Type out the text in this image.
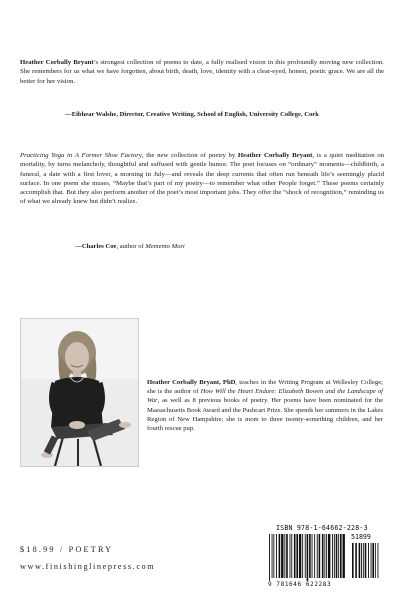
Heather Corbally Bryant’s strongest collection of poems to date, a fully realised vision in this profoundly moving new collection. She remembers for us what we have forgotten, about birth, death, love, identity with a clear-eyed, honest, poetic grace. We are all the better for her vision.
—Eibhear Walshe, Director, Creative Writing, School of English, University College, Cork
Practicing Yoga in A Former Shoe Factory, the new collection of poetry by Heather Corbally Bryant, is a quiet meditation on mortality, by turns melancholy, thoughtful and suffused with gentle humor. The poet focuses on “ordinary” moments—childbirth, a funeral, a date with a first lover, a morning in July—and reveals the deep currents that often run beneath life’s seemingly placid surface. In one poem she muses, “Maybe that’s part of my poetry—to remember what other People forget.” These poems certainly accomplish that. But they also perform another of the poet’s most important jobs. They offer the “shock of recognition,” reminding us of what we already knew but didn’t realize.
—Charles Coe, author of Memento Mori
Heather Corbally Bryant, PhD, teaches in the Writing Program at Wellesley College; she is the author of How Will the Heart Endure: Elizabeth Bowen and the Landscape of War, as well as 8 previous books of poetry. Her poems have been nominated for the Massachusetts Book Award and the Pushcart Prize. She spends her summers in the Lakes Region of New Hampshire; she is mom to three twenty-something children, and her fourth rescue pup.
$18.99 / POETRY
www.finishinglinepress.com
ISBN 978-1-64662-228-3
9 781646 622283
51899
